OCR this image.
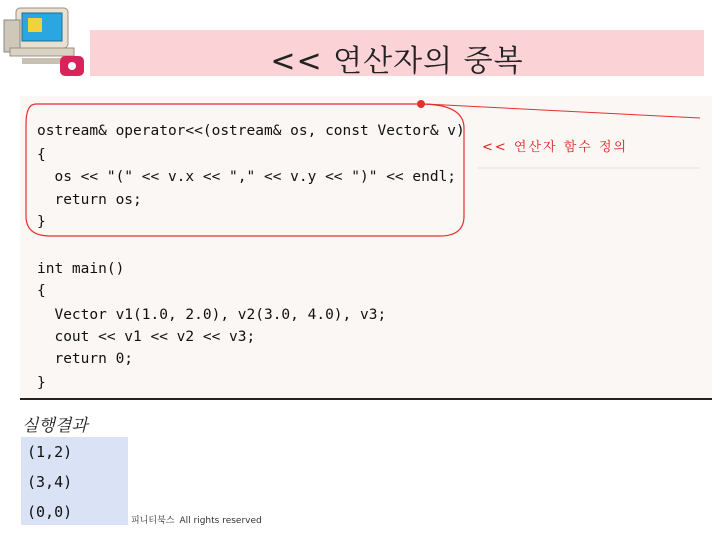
<< 연산자의 중복
ostream& operator<<(ostream& os, const Vector& v)
{
os << "(" << v.x << "," << v.y << ")" << endl;
return os;
}
int main()
{
Vector v1(1.0, 2.0), v2(3.0, 4.0), v3;
cout << v1 << v2 << v3;
return 0;
}
<< 연산자 함수 정의
실행결과
(1,2)
(3,4)
(0,0)	피니티북스 All rights reserved
